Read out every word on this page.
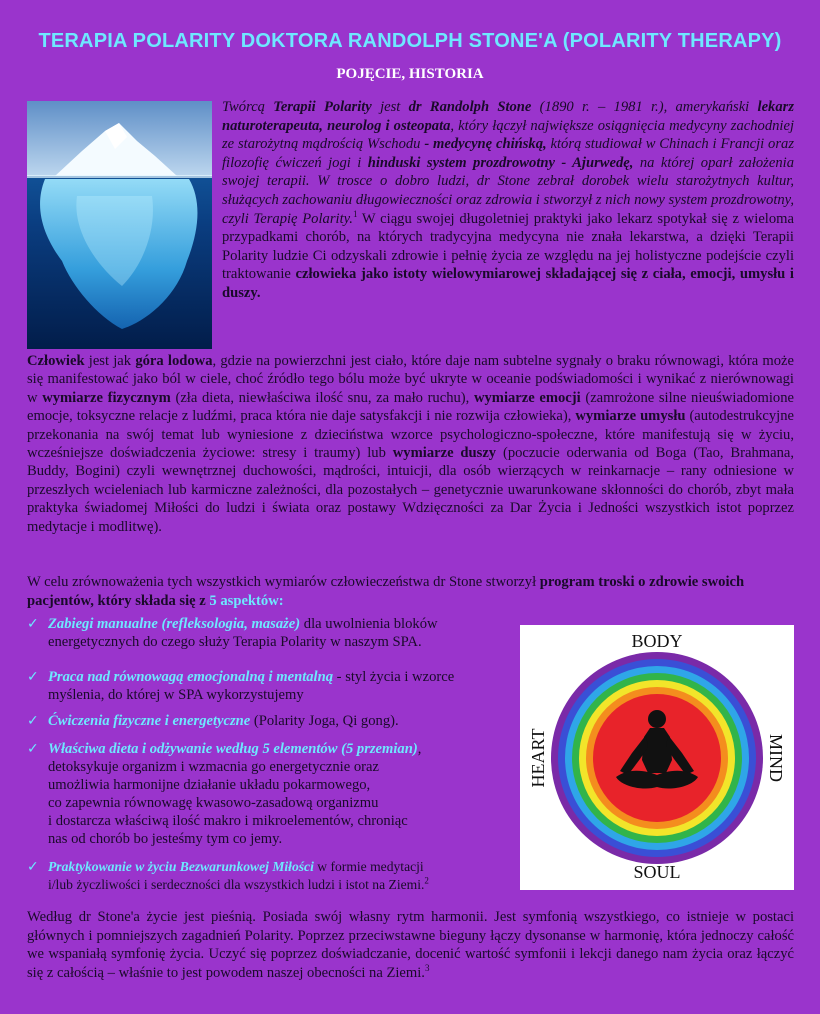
TERAPIA POLARITY DOKTORA RANDOLPH STONE'A (POLARITY THERAPY)
POJĘCIE, HISTORIA

Twórcą Terapii Polarity jest dr Randolph Stone (1890 r. – 1981 r.), amerykański lekarz naturoterapeuta, neurolog i osteopata, który łączył największe osiągnięcia medycyny zachodniej ze starożytną mądrością Wschodu - medycynę chińską, którą studiował w Chinach i Francji oraz filozofię ćwiczeń jogi i hinduski system prozdrowotny - Ajurwedę, na której oparł założenia swojej terapii. W trosce o dobro ludzi, dr Stone zebrał dorobek wielu starożytnych kultur, służących zachowaniu długowieczności oraz zdrowia i stworzył z nich nowy system prozdrowotny, czyli Terapię Polarity.$^1$ W ciągu swojej długoletniej praktyki jako lekarz spotykał się z wieloma przypadkami chorób, na których tradycyjna medycyna nie znała lekarstwa, a dzięki Terapii Polarity ludzie Ci odzyskali zdrowie i pełnię życia ze względu na jej holistyczne podejście czyli traktowanie człowieka jako istoty wielowymiarowej składającej się z ciała, emocji, umysłu i duszy.

Człowiek jest jak góra lodowa, gdzie na powierzchni jest ciało, które daje nam subtelne sygnały o braku równowagi, która może się manifestować jako ból w ciele, choć źródło tego bólu może być ukryte w oceanie podświadomości i wynikać z nierównowagi w wymiarze fizycznym (zła dieta, niewłaściwa ilość snu, za mało ruchu), wymiarze emocji (zamrożone silne nieuświadomione emocje, toksyczne relacje z ludźmi, praca która nie daje satysfakcji i nie rozwija człowieka), wymiarze umysłu (autodestrukcyjne przekonania na swój temat lub wyniesione z dzieciństwa wzorce psychologiczno-społeczne, które manifestują się w życiu, wcześniejsze doświadczenia życiowe: stresy i traumy) lub wymiarze duszy (poczucie oderwania od Boga (Tao, Brahmana, Buddy, Bogini) czyli wewnętrznej duchowości, mądrości, intuicji, dla osób wierzących w reinkarnacje – rany odniesione w przeszłych wcieleniach lub karmiczne zależności, dla pozostałych – genetycznie uwarunkowane skłonności do chorób, zbyt mała praktyka świadomej Miłości do ludzi i świata oraz postawy Wdzięczności za Dar Życia i Jedności wszystkich istot poprzez medytacje i modlitwę).

W celu zrównoważenia tych wszystkich wymiarów człowieczeństwa dr Stone stworzył program troski o zdrowie swoich pacjentów, który składa się z 5 aspektów:

✓ Zabiegi manualne (refleksologia, masaże) dla uwolnienia bloków
energetycznych do czego służy Terapia Polarity w naszym SPA.
✓ Praca nad równowagą emocjonalną i mentalną - styl życia i wzorce
myślenia, do której w SPA wykorzystujemy
✓ Ćwiczenia fizyczne i energetyczne (Polarity Joga, Qi gong).
✓ Właściwa dieta i odżywanie według 5 elementów (5 przemian),
detoksykuje organizm i wzmacnia go energetycznie oraz
umożliwia harmonijne działanie układu pokarmowego,
co zapewnia równowagę kwasowo-zasadową organizmu
i dostarcza właściwą ilość makro i mikroelementów, chroniąc
nas od chorób bo jesteśmy tym co jemy.
✓ Praktykowanie w życiu Bezwarunkowej Miłości w formie medytacji
i/lub życzliwości i serdeczności dla wszystkich ludzi i istot na Ziemi.$^2$
BODY
SOUL
HEART	MIND

Według dr Stone'a życie jest pieśnią. Posiada swój własny rytm harmonii. Jest symfonią wszystkiego, co istnieje w postaci głównych i pomniejszych zagadnień Polarity. Poprzez przeciwstawne bieguny łączy dysonanse w harmonię, która jednoczy całość we wspaniałą symfonię życia. Uczyć się poprzez doświadczanie, docenić wartość symfonii i lekcji danego nam życia oraz łączyć się z całością – właśnie to jest powodem naszej obecności na Ziemi.$^3$
